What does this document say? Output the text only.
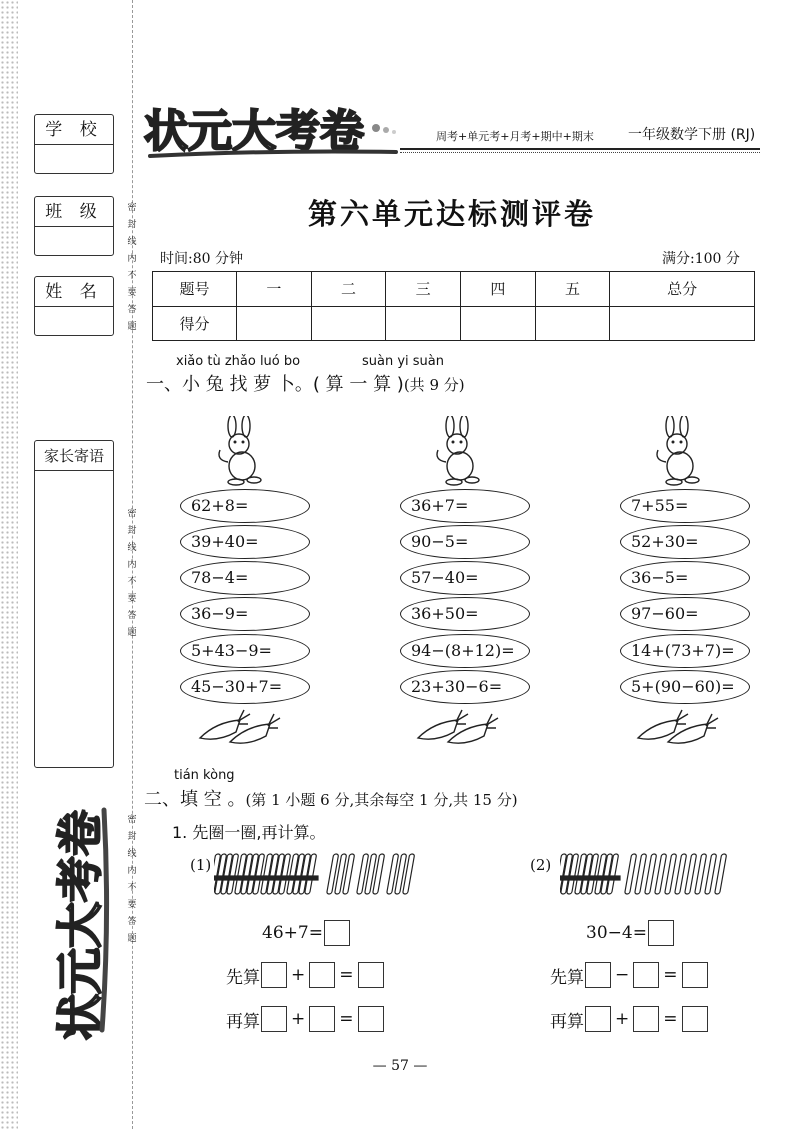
学 校
班 级
姓 名
家长寄语
密
封
线
内
不
要
答
题
密
封
线
内
不
要
答
题
密
封
线
内
不
要
答
题
状元大考卷
状元大考卷	周考+单元考+月考+期中+期末 一年级数学下册 (RJ)
第六单元达标测评卷
时间:80 分钟	满分:100 分
题号	一	二	三	四	五	总分
得分						
xiǎo tù zhǎo luó bo	suàn yi suàn
一、小 兔 找 萝 卜。( 算 一 算 )(共 9 分)
62+8=
39+40=
78−4=
36−9=
5+43−9=
45−30+7=
36+7=
90−5=
57−40=
36+50=
94−(8+12)=
23+30−6=
7+55=
52+30=
36−5=
97−60=
14+(73+7)=
5+(90−60)=
tián kòng
二、填 空 。(第 1 小题 6 分,其余每空 1 分,共 15 分)
1. 先圈一圈,再计算。
(1)	(2)
46+7=
先算 + =
再算 + =
30−4=
先算 − =
再算 + =
— 57 —
